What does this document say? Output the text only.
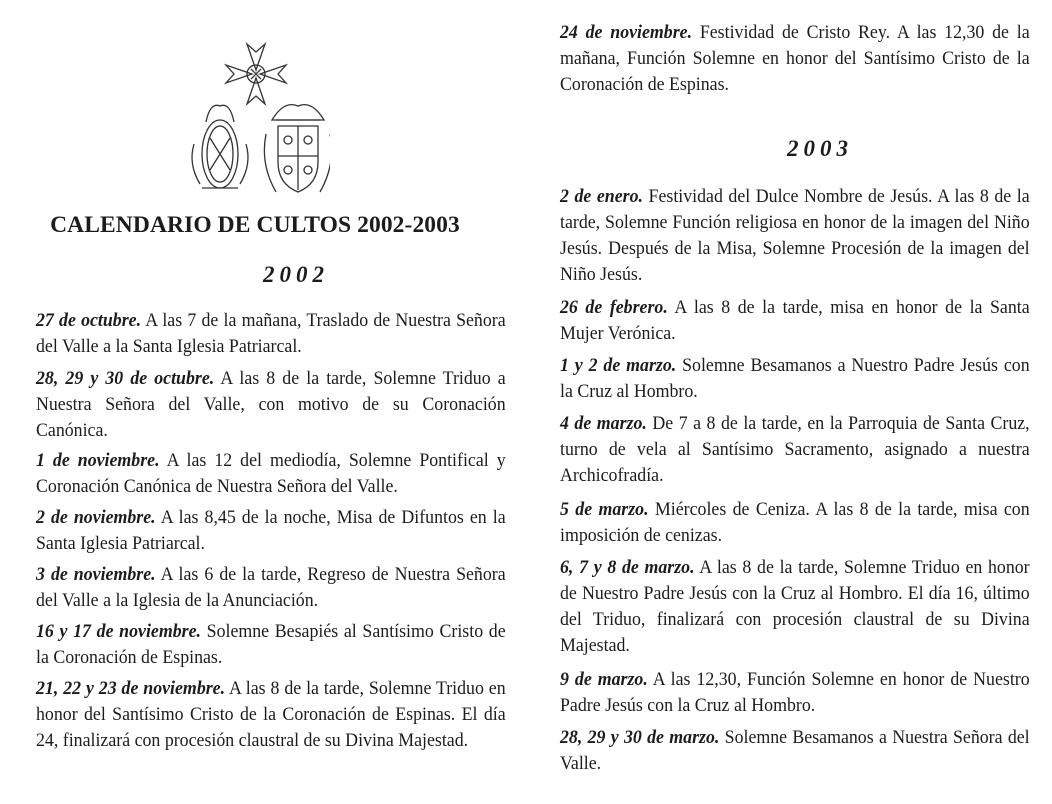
CALENDARIO DE CULTOS 2002-2003
2002
27 de octubre. A las 7 de la mañana, Traslado de Nuestra Señora del Valle a la Santa Iglesia Patriarcal.
28, 29 y 30 de octubre. A las 8 de la tarde, Solemne Triduo a Nuestra Señora del Valle, con motivo de su Coronación Canónica.
1 de noviembre. A las 12 del mediodía, Solemne Pontifical y Coronación Canónica de Nuestra Señora del Valle.
2 de noviembre. A las 8,45 de la noche, Misa de Difuntos en la Santa Iglesia Patriarcal.
3 de noviembre. A las 6 de la tarde, Regreso de Nuestra Señora del Valle a la Iglesia de la Anunciación.
16 y 17 de noviembre. Solemne Besapiés al Santísimo Cristo de la Coronación de Espinas.
21, 22 y 23 de noviembre. A las 8 de la tarde, Solemne Triduo en honor del Santísimo Cristo de la Coronación de Espinas. El día 24, finalizará con procesión claustral de su Divina Majestad.
24 de noviembre. Festividad de Cristo Rey. A las 12,30 de la mañana, Función Solemne en honor del Santísimo Cristo de la Coronación de Espinas.
2003
2 de enero. Festividad del Dulce Nombre de Jesús. A las 8 de la tarde, Solemne Función religiosa en honor de la imagen del Niño Jesús. Después de la Misa, Solemne Procesión de la imagen del Niño Jesús.
26 de febrero. A las 8 de la tarde, misa en honor de la Santa Mujer Verónica.
1 y 2 de marzo. Solemne Besamanos a Nuestro Padre Jesús con la Cruz al Hombro.
4 de marzo. De 7 a 8 de la tarde, en la Parroquia de Santa Cruz, turno de vela al Santísimo Sacramento, asignado a nuestra Archicofradía.
5 de marzo. Miércoles de Ceniza. A las 8 de la tarde, misa con imposición de cenizas.
6, 7 y 8 de marzo. A las 8 de la tarde, Solemne Triduo en honor de Nuestro Padre Jesús con la Cruz al Hombro. El día 16, último del Triduo, finalizará con procesión claustral de su Divina Majestad.
9 de marzo. A las 12,30, Función Solemne en honor de Nuestro Padre Jesús con la Cruz al Hombro.
28, 29 y 30 de marzo. Solemne Besamanos a Nuestra Señora del Valle.
